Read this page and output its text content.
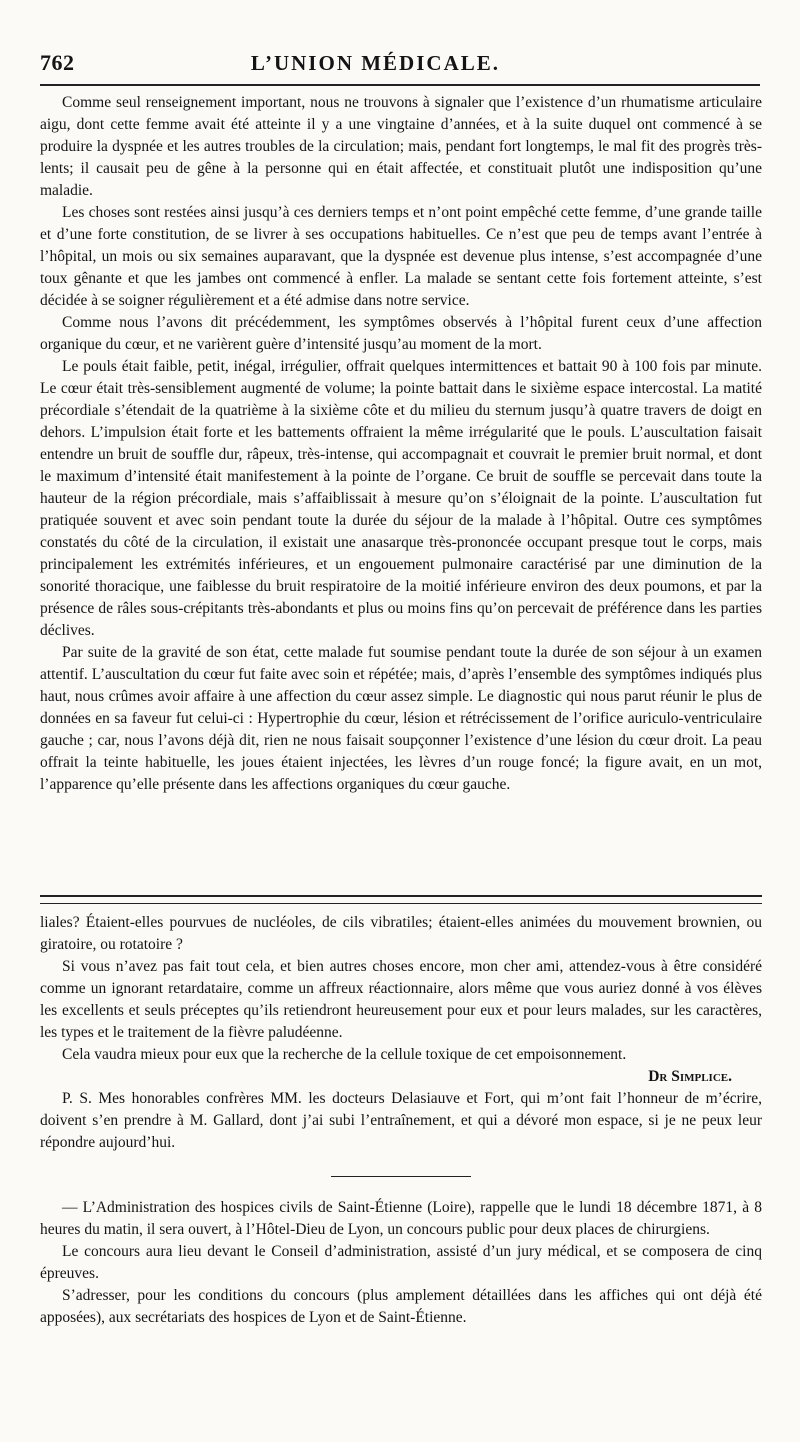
762	L’UNION MÉDICALE.

Comme seul renseignement important, nous ne trouvons à signaler que l’existence d’un rhumatisme articulaire aigu, dont cette femme avait été atteinte il y a une vingtaine d’années, et à la suite duquel ont commencé à se produire la dyspnée et les autres troubles de la circulation; mais, pendant fort longtemps, le mal fit des progrès très-lents; il causait peu de gêne à la personne qui en était affectée, et constituait plutôt une indisposition qu’une maladie.

Les choses sont restées ainsi jusqu’à ces derniers temps et n’ont point empêché cette femme, d’une grande taille et d’une forte constitution, de se livrer à ses occupations habituelles. Ce n’est que peu de temps avant l’entrée à l’hôpital, un mois ou six semaines auparavant, que la dyspnée est devenue plus intense, s’est accompagnée d’une toux gênante et que les jambes ont commencé à enfler. La malade se sentant cette fois fortement atteinte, s’est décidée à se soigner régulièrement et a été admise dans notre service.

Comme nous l’avons dit précédemment, les symptômes observés à l’hôpital furent ceux d’une affection organique du cœur, et ne varièrent guère d’intensité jusqu’au moment de la mort.

Le pouls était faible, petit, inégal, irrégulier, offrait quelques intermittences et battait 90 à 100 fois par minute. Le cœur était très-sensiblement augmenté de volume; la pointe battait dans le sixième espace intercostal. La matité précordiale s’étendait de la quatrième à la sixième côte et du milieu du sternum jusqu’à quatre travers de doigt en dehors. L’impulsion était forte et les battements offraient la même irrégularité que le pouls. L’auscultation faisait entendre un bruit de souffle dur, râpeux, très-intense, qui accompagnait et couvrait le premier bruit normal, et dont le maximum d’intensité était manifestement à la pointe de l’organe. Ce bruit de souffle se percevait dans toute la hauteur de la région précordiale, mais s’affaiblissait à mesure qu’on s’éloignait de la pointe. L’auscultation fut pratiquée souvent et avec soin pendant toute la durée du séjour de la malade à l’hôpital. Outre ces symptômes constatés du côté de la circulation, il existait une anasarque très-prononcée occupant presque tout le corps, mais principalement les extrémités inférieures, et un engouement pulmonaire caractérisé par une diminution de la sonorité thoracique, une faiblesse du bruit respiratoire de la moitié inférieure environ des deux poumons, et par la présence de râles sous-crépitants très-abondants et plus ou moins fins qu’on percevait de préférence dans les parties déclives.

Par suite de la gravité de son état, cette malade fut soumise pendant toute la durée de son séjour à un examen attentif. L’auscultation du cœur fut faite avec soin et répétée; mais, d’après l’ensemble des symptômes indiqués plus haut, nous crûmes avoir affaire à une affection du cœur assez simple. Le diagnostic qui nous parut réunir le plus de données en sa faveur fut celui-ci : Hypertrophie du cœur, lésion et rétrécissement de l’orifice auriculo-ventriculaire gauche ; car, nous l’avons déjà dit, rien ne nous faisait soupçonner l’existence d’une lésion du cœur droit. La peau offrait la teinte habituelle, les joues étaient injectées, les lèvres d’un rouge foncé; la figure avait, en un mot, l’apparence qu’elle présente dans les affections organiques du cœur gauche.

liales? Étaient-elles pourvues de nucléoles, de cils vibratiles; étaient-elles animées du mouvement brownien, ou giratoire, ou rotatoire ?

Si vous n’avez pas fait tout cela, et bien autres choses encore, mon cher ami, attendez-vous à être considéré comme un ignorant retardataire, comme un affreux réactionnaire, alors même que vous auriez donné à vos élèves les excellents et seuls préceptes qu’ils retiendront heureusement pour eux et pour leurs malades, sur les caractères, les types et le traitement de la fièvre paludéenne.

Cela vaudra mieux pour eux que la recherche de la cellule toxique de cet empoisonnement.

Dr Simplice.

P. S. Mes honorables confrères MM. les docteurs Delasiauve et Fort, qui m’ont fait l’honneur de m’écrire, doivent s’en prendre à M. Gallard, dont j’ai subi l’entraînement, et qui a dévoré mon espace, si je ne peux leur répondre aujourd’hui.

— L’Administration des hospices civils de Saint-Étienne (Loire), rappelle que le lundi 18 décembre 1871, à 8 heures du matin, il sera ouvert, à l’Hôtel-Dieu de Lyon, un concours public pour deux places de chirurgiens.

Le concours aura lieu devant le Conseil d’administration, assisté d’un jury médical, et se composera de cinq épreuves.

S’adresser, pour les conditions du concours (plus amplement détaillées dans les affiches qui ont déjà été apposées), aux secrétariats des hospices de Lyon et de Saint-Étienne.
